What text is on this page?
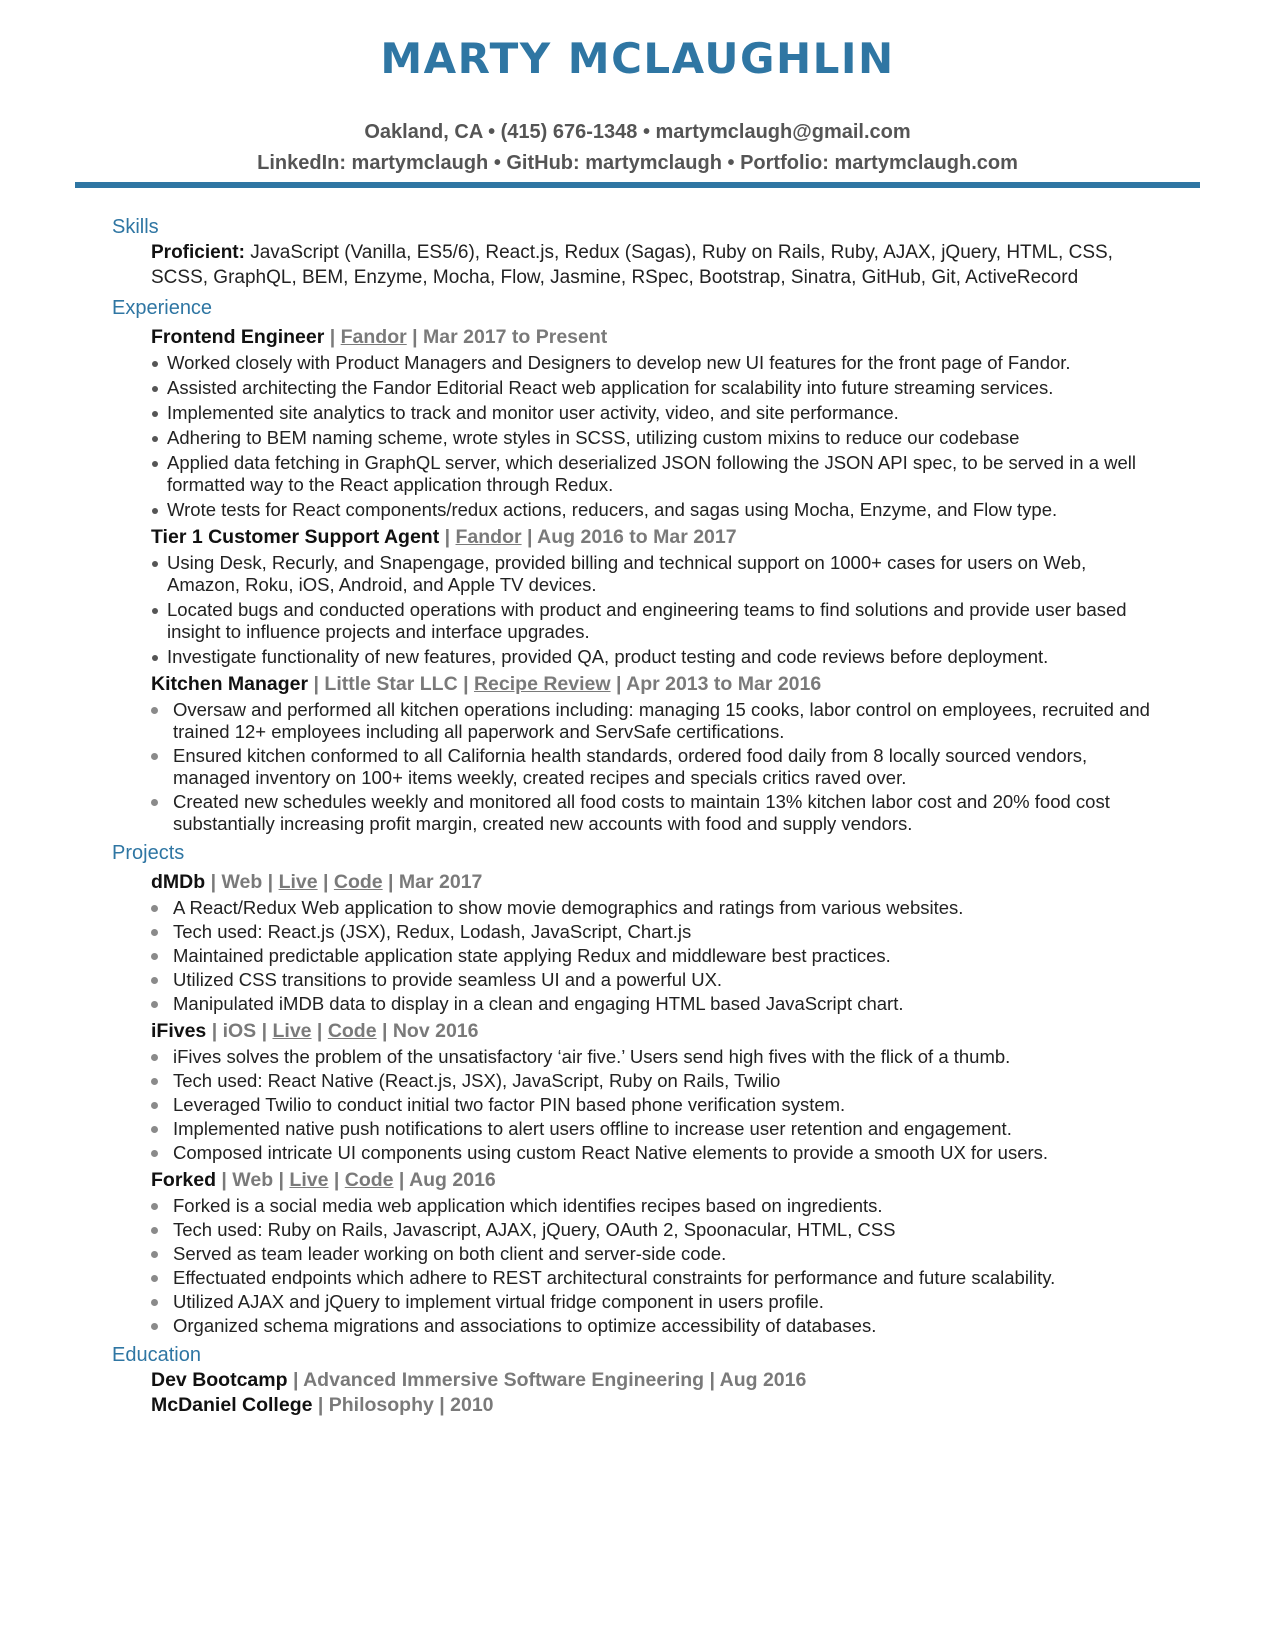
MARTY MCLAUGHLIN
Oakland, CA • (415) 676-1348 • martymclaugh@gmail.com
LinkedIn: martymclaugh • GitHub: martymclaugh • Portfolio: martymclaugh.com
Skills
Proficient: JavaScript (Vanilla, ES5/6), React.js, Redux (Sagas), Ruby on Rails, Ruby, AJAX, jQuery, HTML, CSS, SCSS, GraphQL, BEM, Enzyme, Mocha, Flow, Jasmine, RSpec, Bootstrap, Sinatra, GitHub, Git, ActiveRecord
Experience
Frontend Engineer | Fandor | Mar 2017 to Present
Worked closely with Product Managers and Designers to develop new UI features for the front page of Fandor.
Assisted architecting the Fandor Editorial React web application for scalability into future streaming services.
Implemented site analytics to track and monitor user activity, video, and site performance.
Adhering to BEM naming scheme, wrote styles in SCSS, utilizing custom mixins to reduce our codebase
Applied data fetching in GraphQL server, which deserialized JSON following the JSON API spec, to be served in a well formatted way to the React application through Redux.
Wrote tests for React components/redux actions, reducers, and sagas using Mocha, Enzyme, and Flow type.
Tier 1 Customer Support Agent | Fandor | Aug 2016 to Mar 2017
Using Desk, Recurly, and Snapengage, provided billing and technical support on 1000+ cases for users on Web, Amazon, Roku, iOS, Android, and Apple TV devices.
Located bugs and conducted operations with product and engineering teams to find solutions and provide user based insight to influence projects and interface upgrades.
Investigate functionality of new features, provided QA, product testing and code reviews before deployment.
Kitchen Manager | Little Star LLC | Recipe Review | Apr 2013 to Mar 2016
Oversaw and performed all kitchen operations including: managing 15 cooks, labor control on employees, recruited and trained 12+ employees including all paperwork and ServSafe certifications.
Ensured kitchen conformed to all California health standards, ordered food daily from 8 locally sourced vendors, managed inventory on 100+ items weekly, created recipes and specials critics raved over.
Created new schedules weekly and monitored all food costs to maintain 13% kitchen labor cost and 20% food cost substantially increasing profit margin, created new accounts with food and supply vendors.
Projects
dMDb | Web | Live | Code | Mar 2017
A React/Redux Web application to show movie demographics and ratings from various websites.
Tech used: React.js (JSX), Redux, Lodash, JavaScript, Chart.js
Maintained predictable application state applying Redux and middleware best practices.
Utilized CSS transitions to provide seamless UI and a powerful UX.
Manipulated iMDB data to display in a clean and engaging HTML based JavaScript chart.
iFives | iOS | Live | Code | Nov 2016
iFives solves the problem of the unsatisfactory ‘air five.’ Users send high fives with the flick of a thumb.
Tech used: React Native (React.js, JSX), JavaScript, Ruby on Rails, Twilio
Leveraged Twilio to conduct initial two factor PIN based phone verification system.
Implemented native push notifications to alert users offline to increase user retention and engagement.
Composed intricate UI components using custom React Native elements to provide a smooth UX for users.
Forked | Web | Live | Code | Aug 2016
Forked is a social media web application which identifies recipes based on ingredients.
Tech used: Ruby on Rails, Javascript, AJAX, jQuery, OAuth 2, Spoonacular, HTML, CSS
Served as team leader working on both client and server-side code.
Effectuated endpoints which adhere to REST architectural constraints for performance and future scalability.
Utilized AJAX and jQuery to implement virtual fridge component in users profile.
Organized schema migrations and associations to optimize accessibility of databases.
Education
Dev Bootcamp | Advanced Immersive Software Engineering | Aug 2016
McDaniel College | Philosophy | 2010
